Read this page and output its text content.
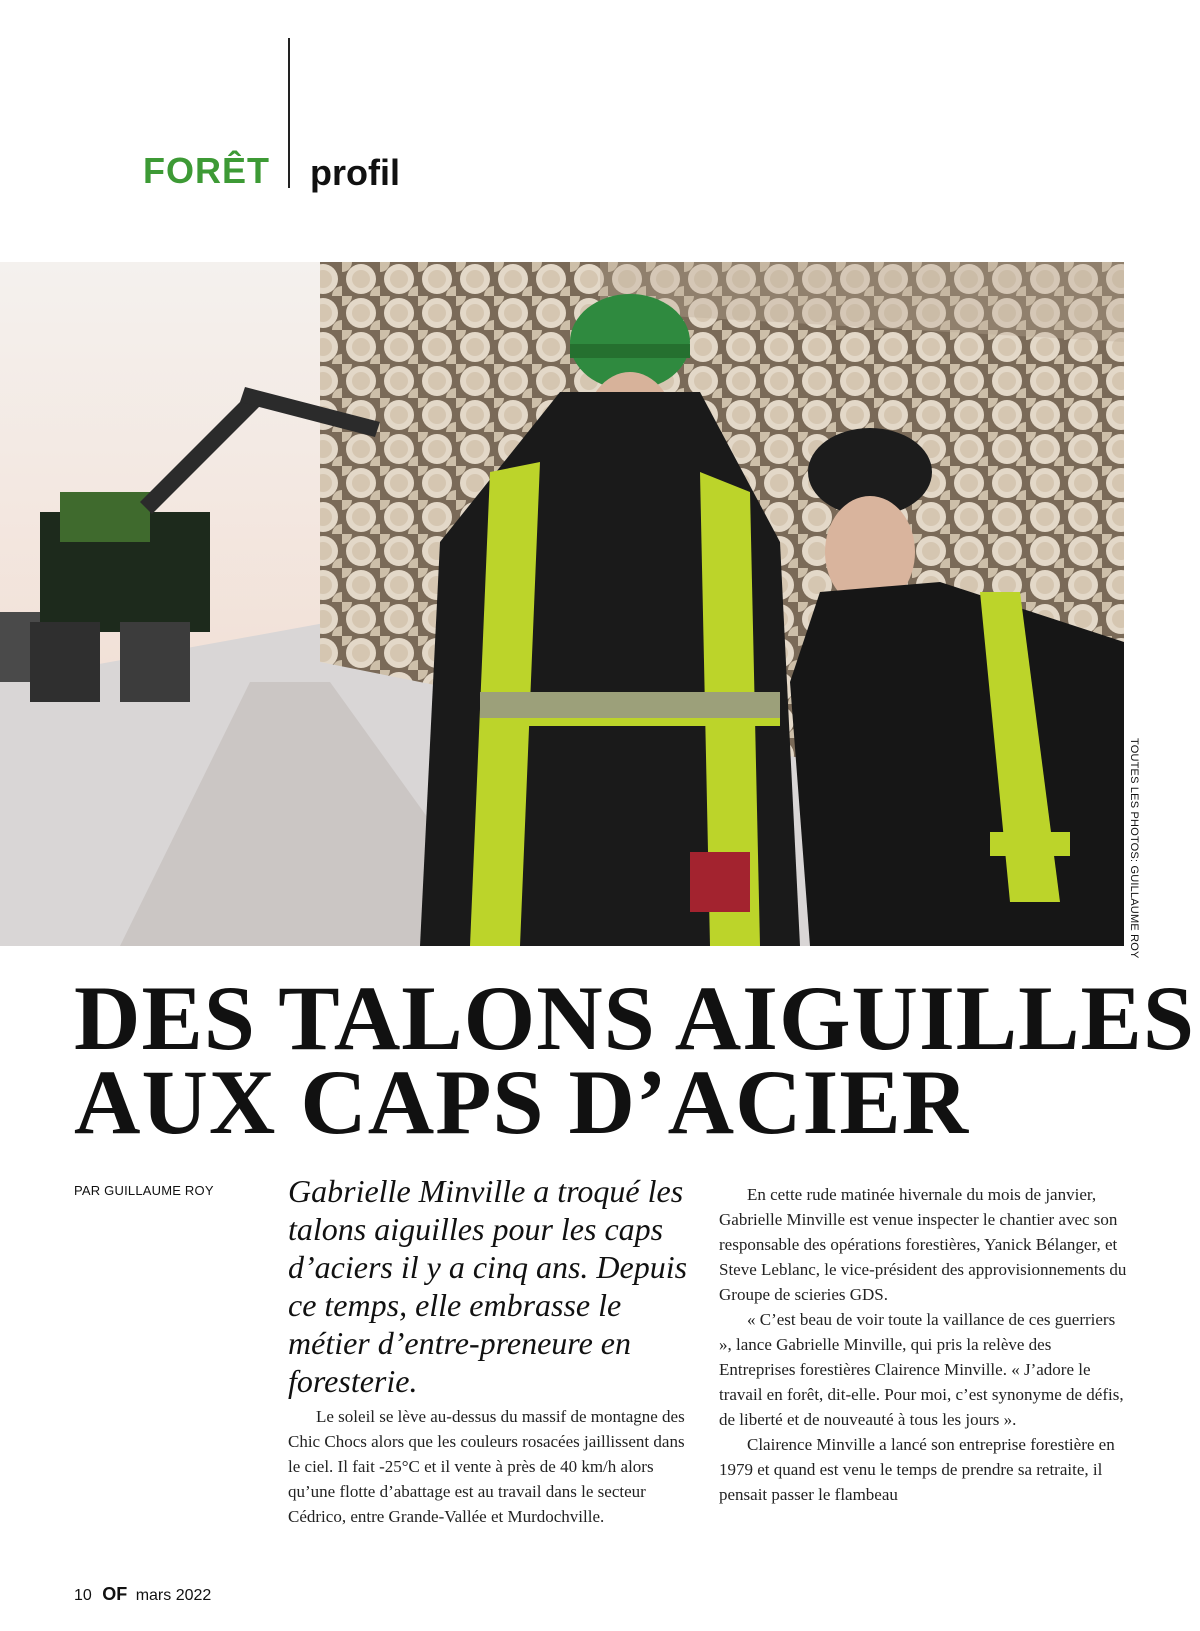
FORÊT profil
TOUTES LES PHOTOS: GUILLAUME ROY
DES TALONS AIGUILLES
AUX CAPS D’ACIER
PAR GUILLAUME ROY Gabrielle Minville a troqué les talons aiguilles pour les caps d’aciers il y a cinq ans. Depuis ce temps, elle embrasse le métier d’entre-preneure en foresterie.

Le soleil se lève au-dessus du massif de montagne des Chic Chocs alors que les couleurs rosacées jaillissent dans le ciel. Il fait -25°C et il vente à près de 40 km/h alors qu’une flotte d’abattage est au travail dans le secteur Cédrico, entre Grande-Vallée et Murdochville.

En cette rude matinée hivernale du mois de janvier, Gabrielle Minville est venue inspecter le chantier avec son responsable des opérations forestières, Yanick Bélanger, et Steve Leblanc, le vice-président des approvisionnements du Groupe de scieries GDS.

« C’est beau de voir toute la vaillance de ces guerriers », lance Gabrielle Minville, qui pris la relève des Entreprises forestières Clairence Minville. « J’adore le travail en forêt, dit-elle. Pour moi, c’est synonyme de défis, de liberté et de nouveauté à tous les jours ».

Clairence Minville a lancé son entreprise forestière en 1979 et quand est venu le temps de prendre sa retraite, il pensait passer le flambeau

10 OF mars 2022
